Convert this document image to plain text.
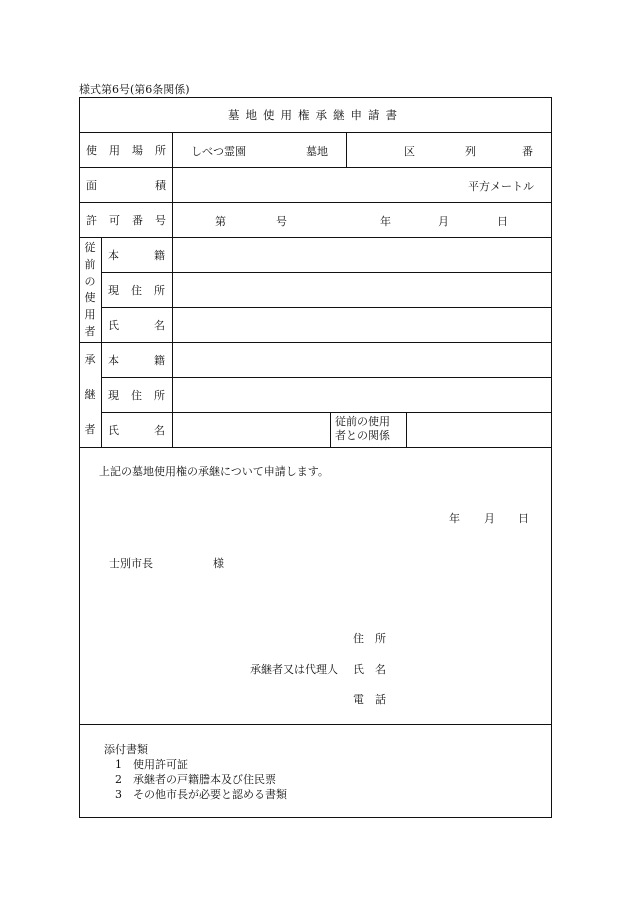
様式第6号(第6条関係)
墓地使用権承継申請書
使 用 場 所 しべつ霊園	墓地	区	列	番
面	積	平方メートル
許 可 番 号	第	号	年	月	日
従
前
の
使
用
者
本	籍
現 住 所
氏	名
承
継
者
本	籍
現 住 所
氏	名
従前の使用
者との関係
上記の墓地使用権の承継について申請します。
年 月 日
士別市長	様
住　所
承継者又は代理人 氏　名
電　話
添付書類
1　使用許可証
2　承継者の戸籍謄本及び住民票
3　その他市長が必要と認める書類
